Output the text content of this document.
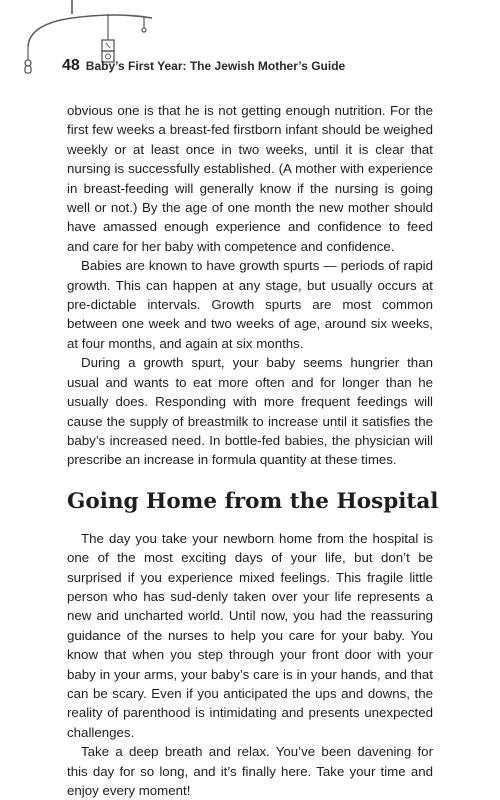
48 Baby’s First Year: The Jewish Mother’s Guide

obvious one is that he is not getting enough nutrition. For the first few weeks a breast-fed firstborn infant should be weighed weekly or at least once in two weeks, until it is clear that nursing is successfully established. (A mother with experience in breast‑feeding will generally know if the nursing is going well or not.) By the age of one month the new mother should have amassed enough experience and confidence to feed and care for her baby with competence and confidence.

Babies are known to have growth spurts — periods of rapid growth. This can happen at any stage, but usually occurs at pre‑dictable intervals. Growth spurts are most common between one week and two weeks of age, around six weeks, at four months, and again at six months.

During a growth spurt, your baby seems hungrier than usual and wants to eat more often and for longer than he usually does. Responding with more frequent feedings will cause the supply of breastmilk to increase until it satisfies the baby’s increased need. In bottle-fed babies, the physician will prescribe an increase in formula quantity at these times.

Going Home from the Hospital

The day you take your newborn home from the hospital is one of the most exciting days of your life, but don’t be surprised if you experience mixed feelings. This fragile little person who has sud‑denly taken over your life represents a new and uncharted world. Until now, you had the reassuring guidance of the nurses to help you care for your baby. You know that when you step through your front door with your baby in your arms, your baby’s care is in your hands, and that can be scary. Even if you anticipated the ups and downs, the reality of parenthood is intimidating and presents unexpected challenges.

Take a deep breath and relax. You’ve been davening for this day for so long, and it’s finally here. Take your time and enjoy every moment!
